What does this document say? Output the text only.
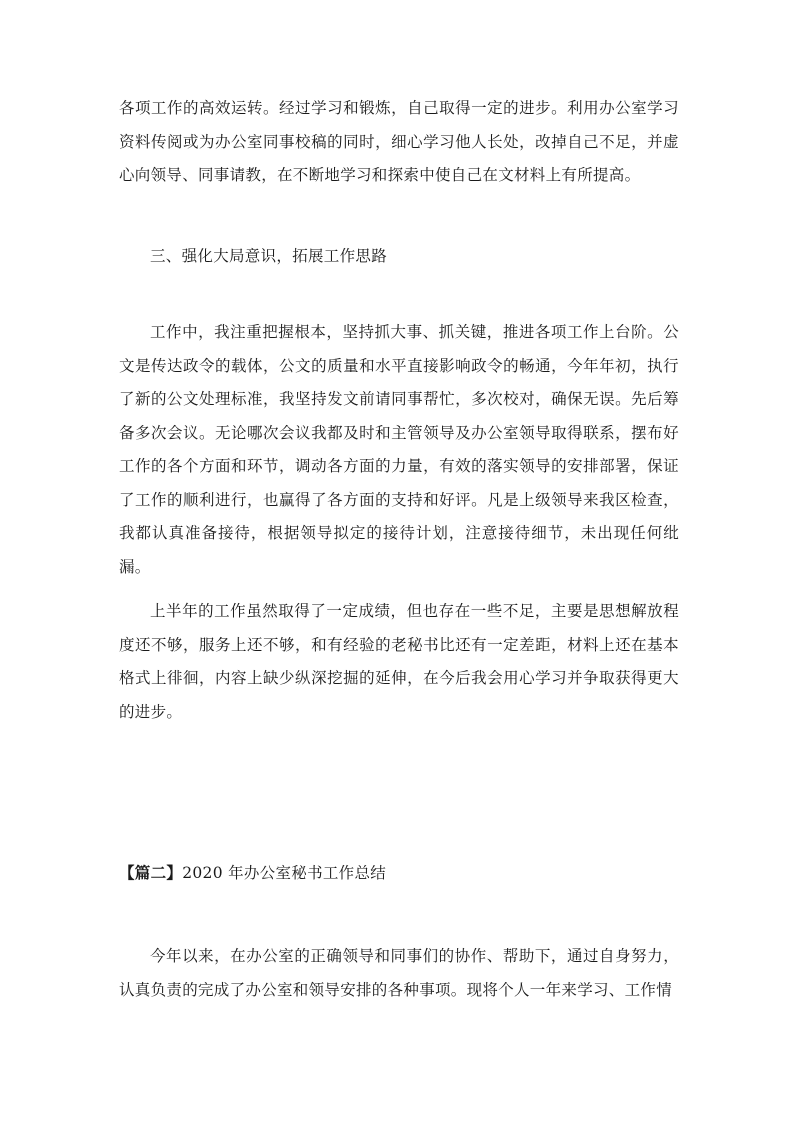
各项工作的高效运转。经过学习和锻炼，自己取得一定的进步。利用办公室学习资料传阅或为办公室同事校稿的同时，细心学习他人长处，改掉自己不足，并虚心向领导、同事请教，在不断地学习和探索中使自己在文材料上有所提高。

三、强化大局意识，拓展工作思路

工作中，我注重把握根本，坚持抓大事、抓关键，推进各项工作上台阶。公文是传达政令的载体，公文的质量和水平直接影响政令的畅通，今年年初，执行了新的公文处理标准，我坚持发文前请同事帮忙，多次校对，确保无误。先后筹备多次会议。无论哪次会议我都及时和主管领导及办公室领导取得联系，摆布好工作的各个方面和环节，调动各方面的力量，有效的落实领导的安排部署，保证了工作的顺利进行，也赢得了各方面的支持和好评。凡是上级领导来我区检查，我都认真准备接待，根据领导拟定的接待计划，注意接待细节，未出现任何纰漏。

上半年的工作虽然取得了一定成绩，但也存在一些不足，主要是思想解放程度还不够，服务上还不够，和有经验的老秘书比还有一定差距，材料上还在基本格式上徘徊，内容上缺少纵深挖掘的延伸，在今后我会用心学习并争取获得更大的进步。

【篇二】2020 年办公室秘书工作总结

今年以来，在办公室的正确领导和同事们的协作、帮助下，通过自身努力，认真负责的完成了办公室和领导安排的各种事项。现将个人一年来学习、工作情
